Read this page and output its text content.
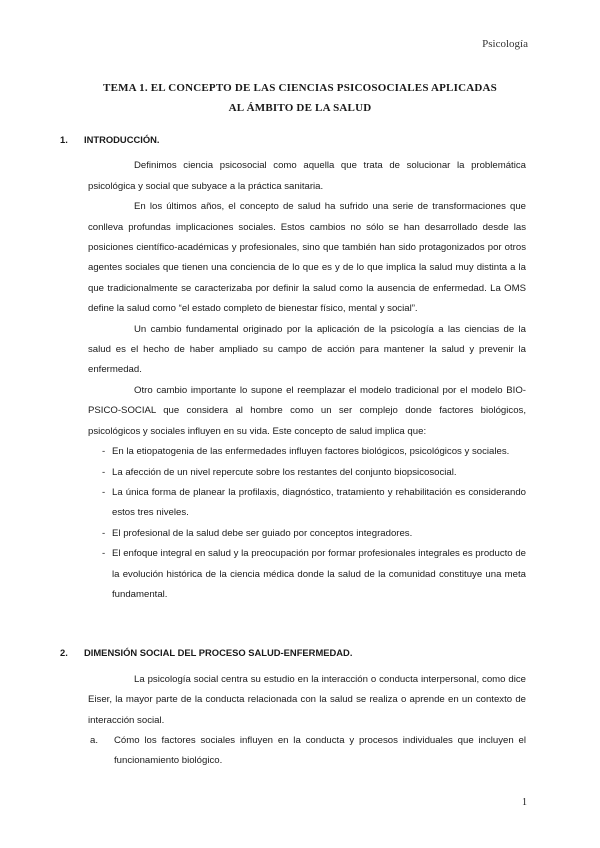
Psicología
TEMA 1. EL CONCEPTO DE LAS CIENCIAS PSICOSOCIALES APLICADAS
AL ÁMBITO DE LA SALUD
1.	INTRODUCCIÓN.

Definimos ciencia psicosocial como aquella que trata de solucionar la problemática psicológica y social que subyace a la práctica sanitaria.

En los últimos años, el concepto de salud ha sufrido una serie de transformaciones que conlleva profundas implicaciones sociales. Estos cambios no sólo se han desarrollado desde las posiciones científico-académicas y profesionales, sino que también han sido protagonizados por otros agentes sociales que tienen una conciencia de lo que es y de lo que implica la salud muy distinta a la que tradicionalmente se caracterizaba por definir la salud como la ausencia de enfermedad. La OMS define la salud como “el estado completo de bienestar físico, mental y social”.

Un cambio fundamental originado por la aplicación de la psicología a las ciencias de la salud es el hecho de haber ampliado su campo de acción para mantener la salud y prevenir la enfermedad.

Otro cambio importante lo supone el reemplazar el modelo tradicional por el modelo BIO-PSICO-SOCIAL que considera al hombre como un ser complejo donde factores biológicos, psicológicos y sociales influyen en su vida. Este concepto de salud implica que:

- En la etiopatogenia de las enfermedades influyen factores biológicos, psicológicos y sociales.
- La afección de un nivel repercute sobre los restantes del conjunto biopsicosocial.
- La única forma de planear la profilaxis, diagnóstico, tratamiento y rehabilitación es considerando estos tres niveles.
- El profesional de la salud debe ser guiado por conceptos integradores.
- El enfoque integral en salud y la preocupación por formar profesionales integrales es producto de la evolución histórica de la ciencia médica donde la salud de la comunidad constituye una meta fundamental.
2.	DIMENSIÓN SOCIAL DEL PROCESO SALUD-ENFERMEDAD.

La psicología social centra su estudio en la interacción o conducta interpersonal, como dice Eiser, la mayor parte de la conducta relacionada con la salud se realiza o aprende en un contexto de interacción social.

a.	Cómo los factores sociales influyen en la conducta y procesos individuales que incluyen el funcionamiento biológico.
1
